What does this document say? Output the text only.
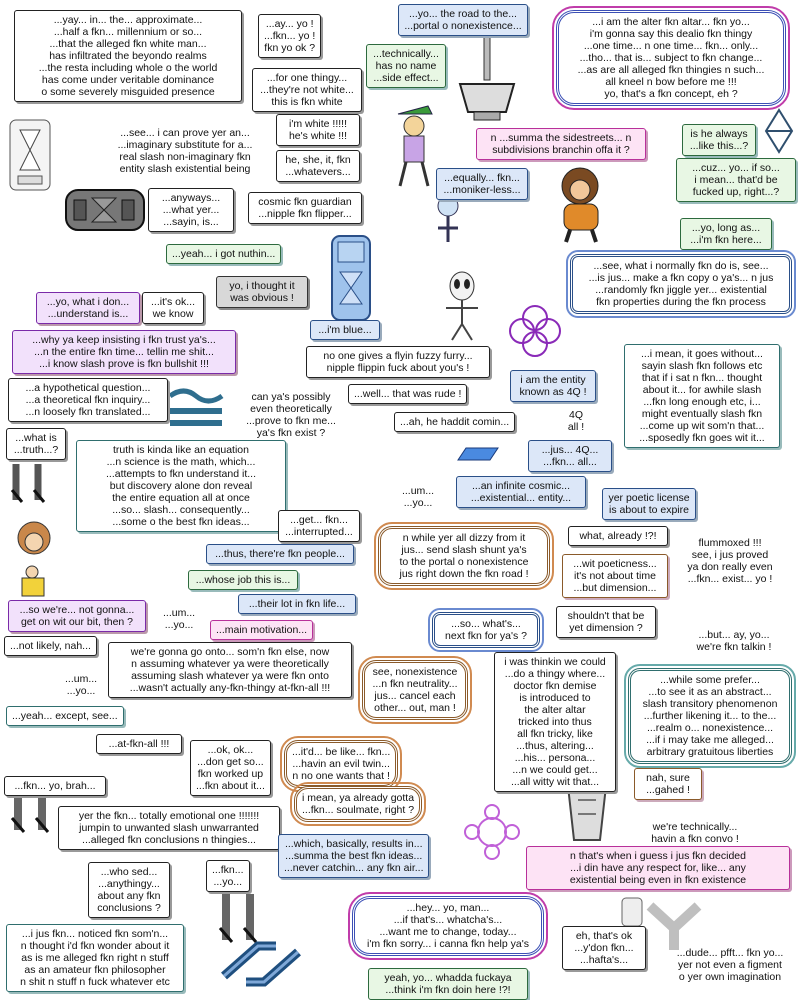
...yay... in... the... approximate...
...half a fkn... millennium or so...
...that the alleged fkn white man...
has infiltrated the beyondo realms
...the resta including whole o the world
has come under veritable dominance
o some severely misguided presence
...ay... yo !
...fkn... yo !
fkn yo ok ?
...for one thingy...
...they're not white...
this is fkn white
i'm white !!!!!
he's white !!!
he, she, it, fkn
...whatevers...
...see... i can prove yer an...
...imaginary substitute for a...
real slash non-imaginary fkn
entity slash existential being
...anyways...
...what yer...
...sayin, is...
cosmic fkn guardian
...nipple fkn flipper...
...yeah... i got nuthin...
yo, i thought it
was obvious !
...yo... the road to the...
...portal o nonexistence...
...technically...
has no name
...side effect...
...i am the alter fkn altar... fkn yo...
i'm gonna say this dealio fkn thingy
...one time... n one time... fkn... only...
...tho... that is... subject to fkn change...
...as are all alleged fkn thingies n such...
all kneel n bow before me !!!
yo, that's a fkn concept, eh ?
n ...summa the sidestreets... n
subdivisions branchin offa it ?
is he always
...like this...?
...equally... fkn...
...moniker-less...
...cuz... yo... if so...
i mean... that'd be
fucked up, right...?
...yo, long as...
...i'm fkn here...
...see, what i normally fkn do is, see...
...is jus... make a fkn copy o ya's... n jus
...randomly fkn jiggle yer... existential
fkn properties during the fkn process
...yo, what i don...
...understand is...
...it's ok...
we know
...i'm blue...
...why ya keep insisting i fkn trust ya's...
...n the entire fkn time... tellin me shit...
...i know slash prove is fkn bullshit !!!
no one gives a flyin fuzzy furry...
nipple flippin fuck about you's !
...a hypothetical question...
...a theoretical fkn inquiry...
...n loosely fkn translated...
can ya's possibly
even theoretically
...prove to fkn me...
ya's fkn exist ?
...well... that was rude !
...ah, he haddit comin...
i am the entity
known as 4Q !
4Q
all !
...jus... 4Q...
...fkn... all...
...i mean, it goes without...
sayin slash fkn follows etc
that if i sat n fkn... thought
about it... for awhile slash
...fkn long enough etc, i...
might eventually slash fkn
...come up wit som'n that...
...sposedly fkn goes wit it...
...what is
...truth...?	truth is kinda like an equation
...n science is the math, which...
...attempts to fkn understand it...
but discovery alone don reveal
the entire equation all at once
...so... slash... consequently...
...some o the best fkn ideas...
...um...
...yo...
...an infinite cosmic...
...existential... entity...	yer poetic license
is about to expire
...get... fkn...
...interrupted...	n while yer all dizzy from it
jus... send slash shunt ya's
to the portal o nonexistence
jus right down the fkn road !
what, already !?!
flummoxed !!!
see, i jus proved
ya don really even
...fkn... exist... yo !
...thus, there're fkn people...
...wit poeticness...
it's not about time
...but dimension...
...whose job this is...
...so we're... not gonna...
get on wit our bit, then ?
...um...
...yo...
...their lot in fkn life...
...so... what's...
next fkn for ya's ?
shouldn't that be
yet dimension ?
...main motivation...	...but... ay, yo...
we're fkn talkin !
...not likely, nah...	we're gonna go onto... som'n fkn else, now
n assuming whatever ya were theoretically
assuming slash whatever ya were fkn onto
...wasn't actually any-fkn-thingy at-fkn-all !!!
see, nonexistence
...n fkn neutrality...
jus... cancel each
other... out, man !
i was thinkin we could
...do a thingy where...
doctor fkn demise
is introduced to
the alter altar
tricked into thus
all fkn tricky, like
...thus, altering...
...his... persona...
...n we could get...
...all witty wit that...
...while some prefer...
...to see it as an abstract...
slash transitory phenomenon
...further likening it... to the...
...realm o... nonexistence...
...if i may take me alleged...
arbitrary gratuitous liberties
...um...
...yo...
...yeah... except, see...
...at-fkn-all !!!
...it'd... be like... fkn...
...havin an evil twin...
n no one wants that !
...ok, ok...
...don get so...
fkn worked up
...fkn about it...
nah, sure
...gahed !
...fkn... yo, brah...
i mean, ya already gotta
...fkn... soulmate, right ?
yer the fkn... totally emotional one !!!!!!!
jumpin to unwanted slash unwarranted
...alleged fkn conclusions n thingies...
we're technically...
havin a fkn convo !
...which, basically, results in...
...summa the best fkn ideas...
...never catchin... any fkn air...
n that's when i guess i jus fkn decided
...i din have any respect for, like... any
existential being even in fkn existence
...who sed...
...anythingy...
about any fkn
conclusions ?
...fkn...
...yo...
...i jus fkn... noticed fkn som'n...
n thought i'd fkn wonder about it
as is me alleged fkn right n stuff
as an amateur fkn philosopher
n shit n stuff n fuck whatever etc
...hey... yo, man...
...if that's... whatcha's...
...want me to change, today...
i'm fkn sorry... i canna fkn help ya's
eh, that's ok
...y'don fkn...
...hafta's...
yeah, yo... whadda fuckaya
...think i'm fkn doin here !?!
...dude... pfft... fkn yo...
yer not even a figment
o yer own imagination
